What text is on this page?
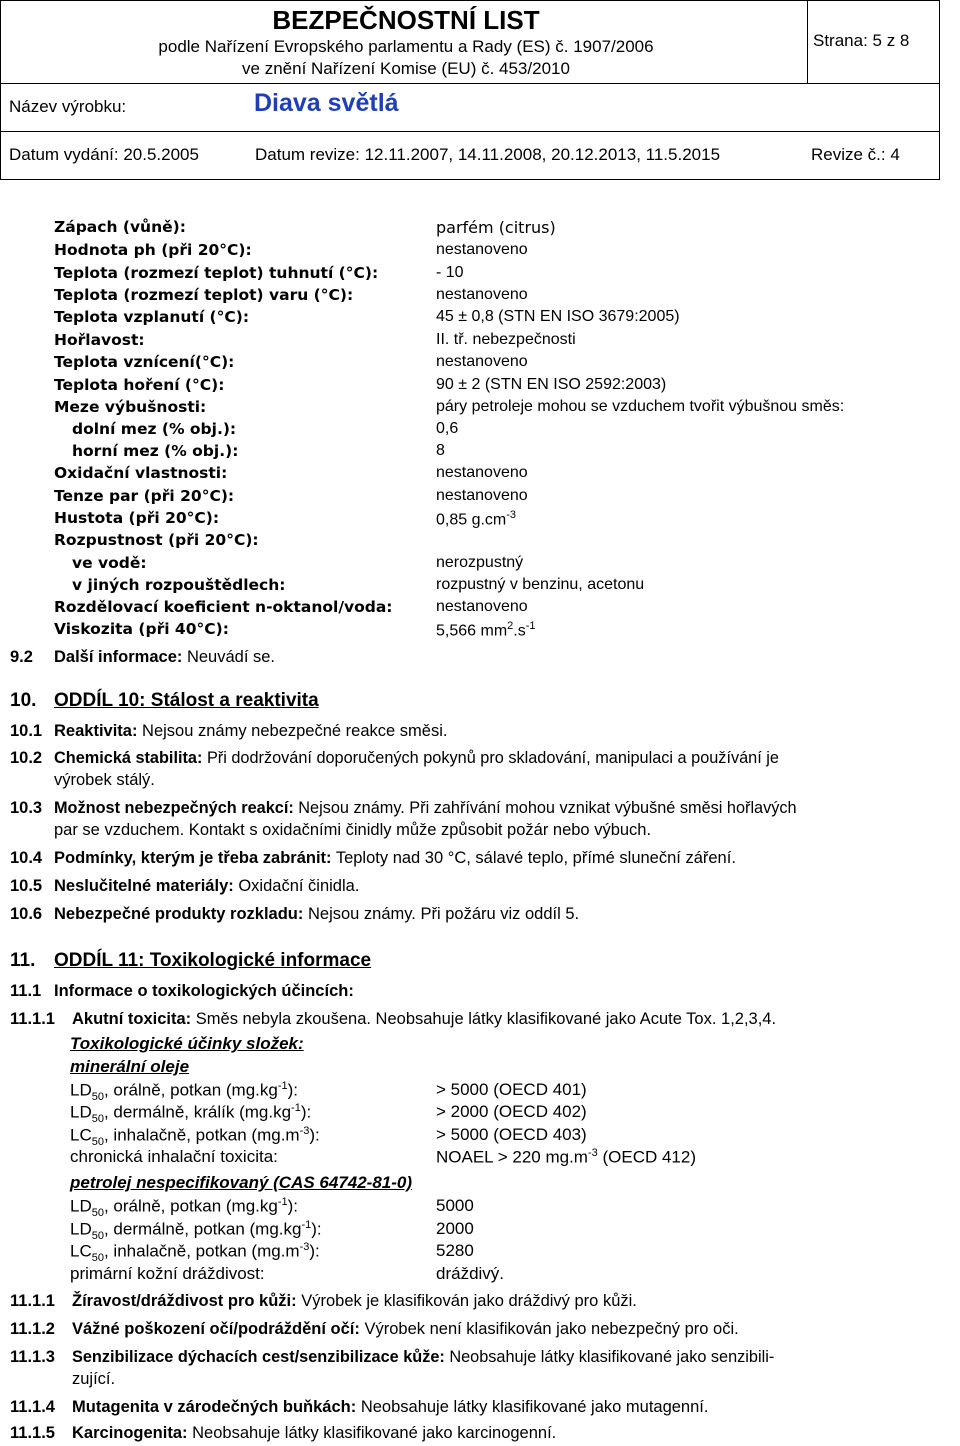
BEZPEČNOSTNÍ LIST
podle Nařízení Evropského parlamentu a Rady (ES) č. 1907/2006
ve znění Nařízení Komise (EU) č. 453/2010
Strana: 5 z 8
Název výrobku:	Diava světlá
Datum vydání: 20.5.2005	Datum revize: 12.11.2007, 14.11.2008, 20.12.2013, 11.5.2015	Revize č.: 4
Zápach (vůně):	parfém (citrus)
Hodnota ph (při 20°C):	nestanoveno
Teplota (rozmezí teplot) tuhnutí (°C):	- 10
Teplota (rozmezí teplot) varu (°C):	nestanoveno
Teplota vzplanutí (°C):	45 ± 0,8 (STN EN ISO 3679:2005)
Hořlavost:	II. tř. nebezpečnosti
Teplota vznícení(°C):	nestanoveno
Teplota hoření (°C):	90 ± 2 (STN EN ISO 2592:2003)
Meze výbušnosti:	páry petroleje mohou se vzduchem tvořit výbušnou směs:
dolní mez (% obj.):	0,6
horní mez (% obj.):	8
Oxidační vlastnosti:	nestanoveno
Tenze par (při 20°C):	nestanoveno
Hustota (při 20°C):	0,85 $g.cm^{-3}$
Rozpustnost (při 20°C):
ve vodě:	nerozpustný
v jiných rozpouštědlech:	rozpustný v benzinu, acetonu
Rozdělovací koeficient n-oktanol/voda:	nestanoveno
Viskozita (při 40°C):	5,566 $mm^2.s^{-1}$
9.2 Další informace: Neuvádí se.
10. ODDÍL 10: Stálost a reaktivita
10.1 Reaktivita: Nejsou známy nebezpečné reakce směsi.
10.2 Chemická stabilita: Při dodržování doporučených pokynů pro skladování, manipulaci a používání je
výrobek stálý.
10.3 Možnost nebezpečných reakcí: Nejsou známy. Při zahřívání mohou vznikat výbušné směsi hořlavých
par se vzduchem. Kontakt s oxidačními činidly může způsobit požár nebo výbuch.
10.4 Podmínky, kterým je třeba zabránit: Teploty nad 30 °C, sálavé teplo, přímé sluneční záření.
10.5 Neslučitelné materiály: Oxidační činidla.
10.6 Nebezpečné produkty rozkladu: Nejsou známy. Při požáru viz oddíl 5.
11. ODDÍL 11: Toxikologické informace
11.1 Informace o toxikologických účincích:
11.1.1 Akutní toxicita: Směs nebyla zkoušena. Neobsahuje látky klasifikované jako Acute Tox. 1,2,3,4.
Toxikologické účinky složek:
minerální oleje
$LD_{50}$, orálně, potkan $(mg.kg^{-1})$:	> 5000 (OECD 401)
$LD_{50}$, dermálně, králík $(mg.kg^{-1})$:	> 2000 (OECD 402)
$LC_{50}$, inhalačně, potkan $(mg.m^{-3})$:	> 5000 (OECD 403)
chronická inhalační toxicita:	NOAEL > 220 $mg.m^{-3}$ (OECD 412)
petrolej nespecifikovaný (CAS 64742-81-0)
$LD_{50}$, orálně, potkan $(mg.kg^{-1})$:	5000
$LD_{50}$, dermálně, potkan $(mg.kg^{-1})$:	2000
$LC_{50}$, inhalačně, potkan $(mg.m^{-3})$:	5280
primární kožní dráždivost:	dráždivý.
11.1.1 Žíravost/dráždivost pro kůži: Výrobek je klasifikován jako dráždivý pro kůži.
11.1.2 Vážné poškození očí/podráždění očí: Výrobek není klasifikován jako nebezpečný pro oči.
11.1.3 Senzibilizace dýchacích cest/senzibilizace kůže: Neobsahuje látky klasifikované jako senzibili-
zující.
11.1.4 Mutagenita v zárodečných buňkách: Neobsahuje látky klasifikované jako mutagenní.
11.1.5 Karcinogenita: Neobsahuje látky klasifikované jako karcinogenní.
